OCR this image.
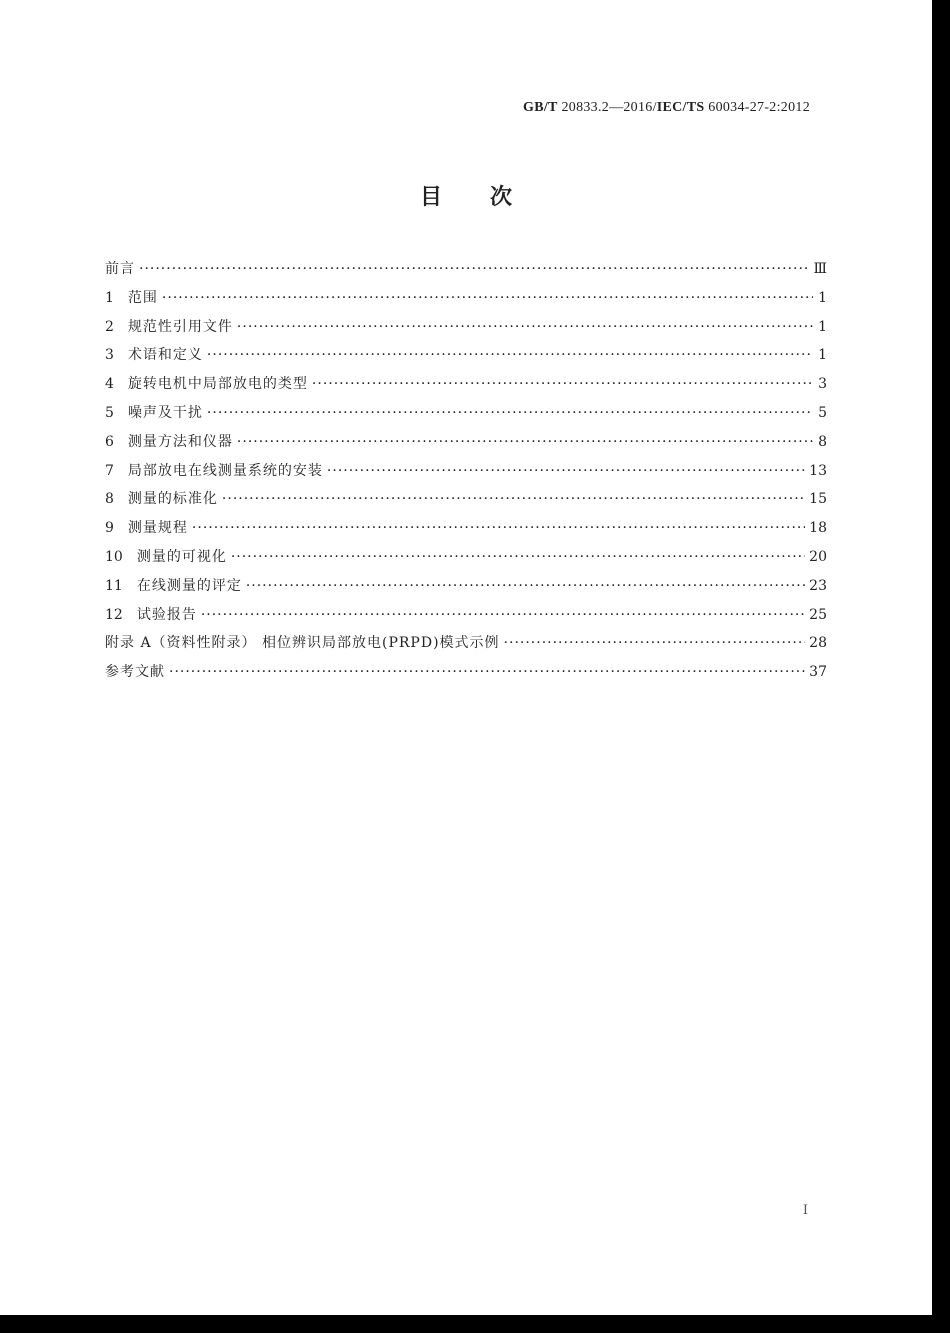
GB/T 20833.2—2016/IEC/TS 60034-27-2:2012
目次
前言 ·····	Ⅲ
1 范围 ·····	1
2 规范性引用文件 ·····	1
3 术语和定义 ·····	1
4 旋转电机中局部放电的类型 ·····	3
5 噪声及干扰 ·····	5
6 测量方法和仪器 ·····	8
7 局部放电在线测量系统的安装 ·····	13
8 测量的标准化 ·····	15
9 测量规程 ·····	18
10 测量的可视化 ·····	20
11 在线测量的评定 ·····	23
12 试验报告 ·····	25
附录 A（资料性附录） 相位辨识局部放电(PRPD)模式示例 ·····	28
参考文献 ·····	37
I
